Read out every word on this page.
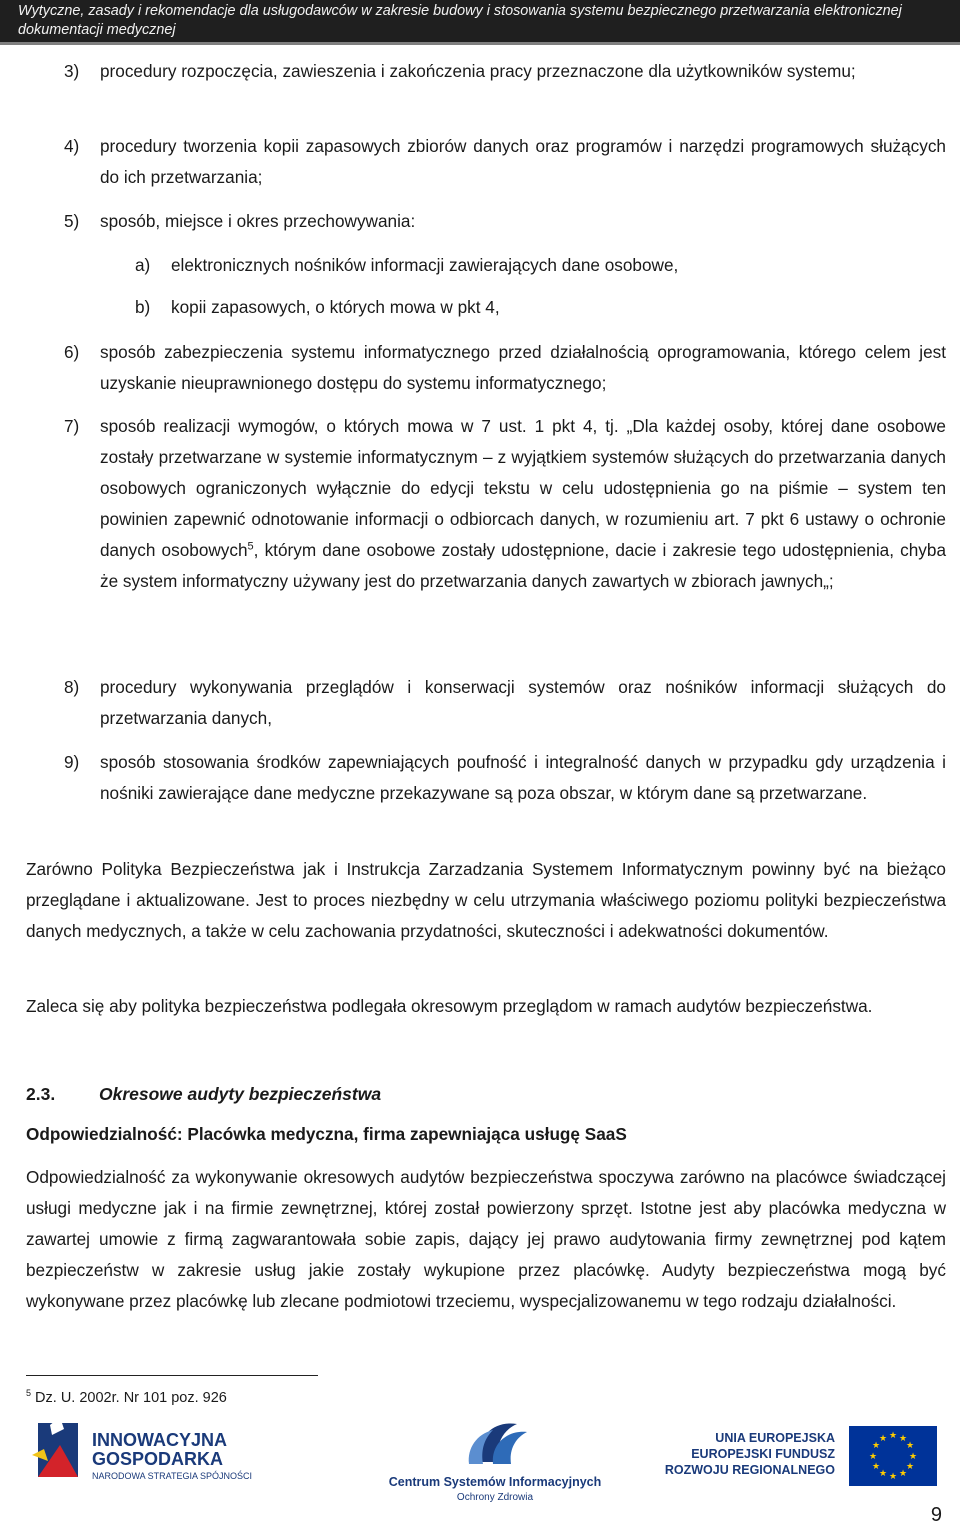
Wytyczne, zasady i rekomendacje dla usługodawców w zakresie budowy i stosowania systemu bezpiecznego przetwarzania elektronicznej dokumentacji medycznej
3) procedury rozpoczęcia, zawieszenia i zakończenia pracy przeznaczone dla użytkowników systemu;
4) procedury tworzenia kopii zapasowych zbiorów danych oraz programów i narzędzi programowych służących do ich przetwarzania;
5) sposób, miejsce i okres przechowywania:
a) elektronicznych nośników informacji zawierających dane osobowe,
b) kopii zapasowych, o których mowa w pkt 4,
6) sposób zabezpieczenia systemu informatycznego przed działalnością oprogramowania, którego celem jest uzyskanie nieuprawnionego dostępu do systemu informatycznego;
7) sposób realizacji wymogów, o których mowa w 7 ust. 1 pkt 4, tj. „Dla każdej osoby, której dane osobowe zostały przetwarzane w systemie informatycznym – z wyjątkiem systemów służących do przetwarzania danych osobowych ograniczonych wyłącznie do edycji tekstu w celu udostępnienia go na piśmie – system ten powinien zapewnić odnotowanie informacji o odbiorcach danych, w rozumieniu art. 7 pkt 6 ustawy o ochronie danych osobowych$^5$, którym dane osobowe zostały udostępnione, dacie i zakresie tego udostępnienia, chyba że system informatyczny używany jest do przetwarzania danych zawartych w zbiorach jawnych„;
8) procedury wykonywania przeglądów i konserwacji systemów oraz nośników informacji służących do przetwarzania danych,
9) sposób stosowania środków zapewniających poufność i integralność danych w przypadku gdy urządzenia i nośniki zawierające dane medyczne przekazywane są poza obszar, w którym dane są przetwarzane.
Zarówno Polityka Bezpieczeństwa jak i Instrukcja Zarzadzania Systemem Informatycznym powinny być na bieżąco przeglądane i aktualizowane. Jest to proces niezbędny w celu utrzymania właściwego poziomu polityki bezpieczeństwa danych medycznych, a także w celu zachowania przydatności, skuteczności i adekwatności dokumentów.
Zaleca się aby polityka bezpieczeństwa podlegała okresowym przeglądom w ramach audytów bezpieczeństwa.
2.3.	Okresowe audyty bezpieczeństwa
Odpowiedzialność: Placówka medyczna, firma zapewniająca usługę SaaS
Odpowiedzialność za wykonywanie okresowych audytów bezpieczeństwa spoczywa zarówno na placówce świadczącej usługi medyczne jak i na firmie zewnętrznej, której został powierzony sprzęt. Istotne jest aby placówka medyczna w zawartej umowie z firmą zagwarantowała sobie zapis, dający jej prawo audytowania firmy zewnętrznej pod kątem bezpieczeństw w zakresie usług jakie zostały wykupione przez placówkę. Audyty bezpieczeństwa mogą być wykonywane przez placówkę lub zlecane podmiotowi trzeciemu, wyspecjalizowanemu w tego rodzaju działalności.
$^5$ Dz. U. 2002r. Nr 101 poz. 926
INNOWACYJNA
GOSPODARKA
NARODOWA STRATEGIA SPÓJNOŚCI	Centrum Systemów Informacyjnych
Ochrony Zdrowia
UNIA EUROPEJSKA
EUROPEJSKI FUNDUSZ
ROZWOJU REGIONALNEGO
★ ★
★
★
★
★
★
★
★
★
★
★
9
